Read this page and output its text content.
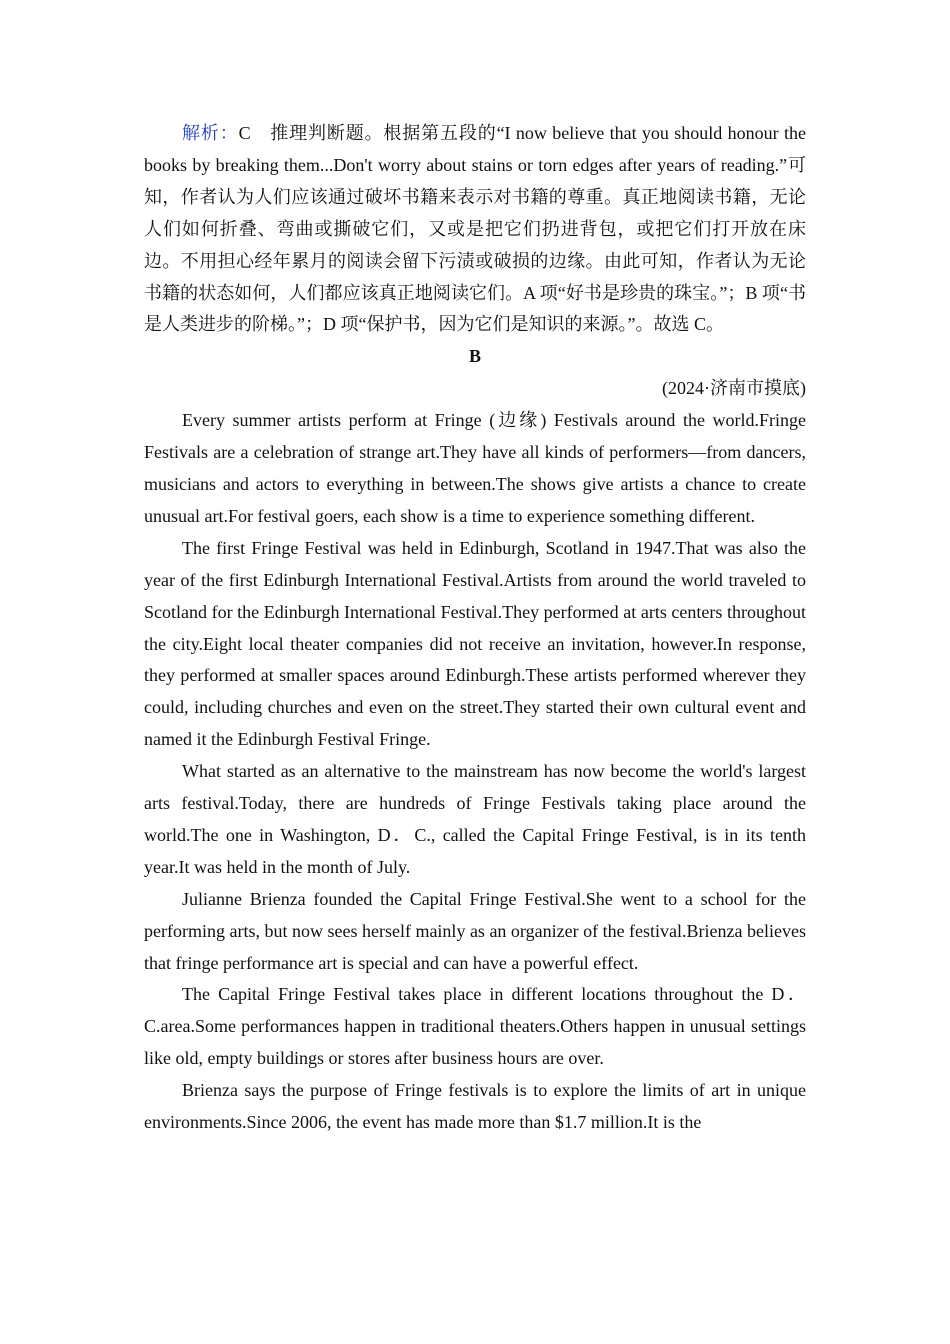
解析：C　推理判断题。根据第五段的“I now believe that you should honour the books by breaking them...Don't worry about stains or torn edges after years of reading.”可知，作者认为人们应该通过破坏书籍来表示对书籍的尊重。真正地阅读书籍，无论人们如何折叠、弯曲或撕破它们，又或是把它们扔进背包，或把它们打开放在床边。不用担心经年累月的阅读会留下污渍或破损的边缘。由此可知，作者认为无论书籍的状态如何，人们都应该真正地阅读它们。A 项“好书是珍贵的珠宝。”；B 项“书是人类进步的阶梯。”；D 项“保护书，因为它们是知识的来源。”。故选 C。

B

(2024·济南市摸底)

Every summer artists perform at Fringe (边缘) Festivals around the world.Fringe Festivals are a celebration of strange art.They have all kinds of performers—from dancers, musicians and actors to everything in between.The shows give artists a chance to create unusual art.For festival goers, each show is a time to experience something different.

The first Fringe Festival was held in Edinburgh, Scotland in 1947.That was also the year of the first Edinburgh International Festival.Artists from around the world traveled to Scotland for the Edinburgh International Festival.They performed at arts centers throughout the city.Eight local theater companies did not receive an invitation, however.In response, they performed at smaller spaces around Edinburgh.These artists performed wherever they could, including churches and even on the street.They started their own cultural event and named it the Edinburgh Festival Fringe.

What started as an alternative to the mainstream has now become the world's largest arts festival.Today, there are hundreds of Fringe Festivals taking place around the world.The one in Washington, D．C., called the Capital Fringe Festival, is in its tenth year.It was held in the month of July.

Julianne Brienza founded the Capital Fringe Festival.She went to a school for the performing arts, but now sees herself mainly as an organizer of the festival.Brienza believes that fringe performance art is special and can have a powerful effect.

The Capital Fringe Festival takes place in different locations throughout the D． C.area.Some performances happen in traditional theaters.Others happen in unusual settings like old, empty buildings or stores after business hours are over.

Brienza says the purpose of Fringe festivals is to explore the limits of art in unique environments.Since 2006, the event has made more than $1.7 million.It is the
